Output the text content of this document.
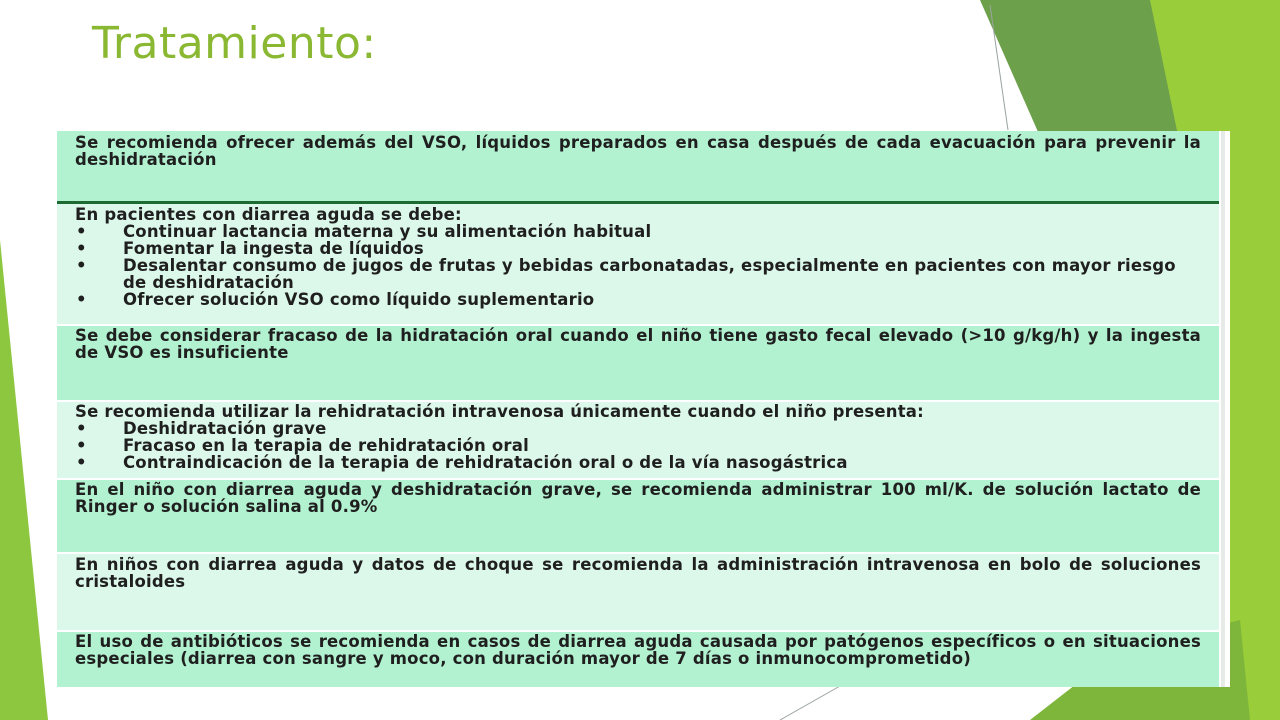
Tratamiento:

Se recomienda ofrecer además del VSO, líquidos preparados en casa después de cada evacuación para prevenir la deshidratación

En pacientes con diarrea aguda se debe:

• Continuar lactancia materna y su alimentación habitual
• Fomentar la ingesta de líquidos
• Desalentar consumo de jugos de frutas y bebidas carbonatadas, especialmente en pacientes con mayor riesgo de deshidratación
• Ofrecer solución VSO como líquido suplementario

Se debe considerar fracaso de la hidratación oral cuando el niño tiene gasto fecal elevado (>10 g/kg/h) y la ingesta de VSO es insuficiente

Se recomienda utilizar la rehidratación intravenosa únicamente cuando el niño presenta:

• Deshidratación grave
• Fracaso en la terapia de rehidratación oral
• Contraindicación de la terapia de rehidratación oral o de la vía nasogástrica

En el niño con diarrea aguda y deshidratación grave, se recomienda administrar 100 ml/K. de solución lactato de Ringer o solución salina al 0.9%

En niños con diarrea aguda y datos de choque se recomienda la administración intravenosa en bolo de soluciones cristaloides

El uso de antibióticos se recomienda en casos de diarrea aguda causada por patógenos específicos o en situaciones especiales (diarrea con sangre y moco, con duración mayor de 7 días o inmunocomprometido)
